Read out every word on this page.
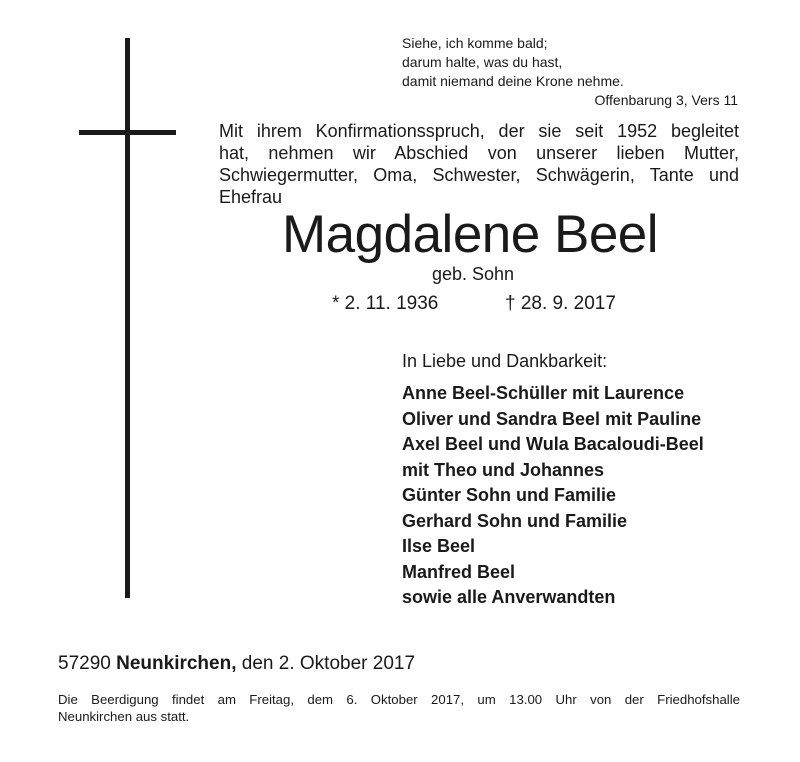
Siehe, ich komme bald;
darum halte, was du hast,
damit niemand deine Krone nehme.
Offenbarung 3, Vers 11
Mit ihrem Konfirmationsspruch, der sie seit 1952 begleitet
hat, nehmen wir Abschied von unserer lieben Mutter,
Schwiegermutter, Oma, Schwester, Schwägerin, Tante und
Ehefrau
Magdalene Beel
geb. Sohn
* 2. 11. 1936	† 28. 9. 2017
In Liebe und Dankbarkeit:
Anne Beel-Schüller mit Laurence
Oliver und Sandra Beel mit Pauline
Axel Beel und Wula Bacaloudi-Beel
mit Theo und Johannes
Günter Sohn und Familie
Gerhard Sohn und Familie
Ilse Beel
Manfred Beel
sowie alle Anverwandten
57290 Neunkirchen, den 2. Oktober 2017
Die Beerdigung findet am Freitag, dem 6. Oktober 2017, um 13.00 Uhr von der Friedhofshalle
Neunkirchen aus statt.
